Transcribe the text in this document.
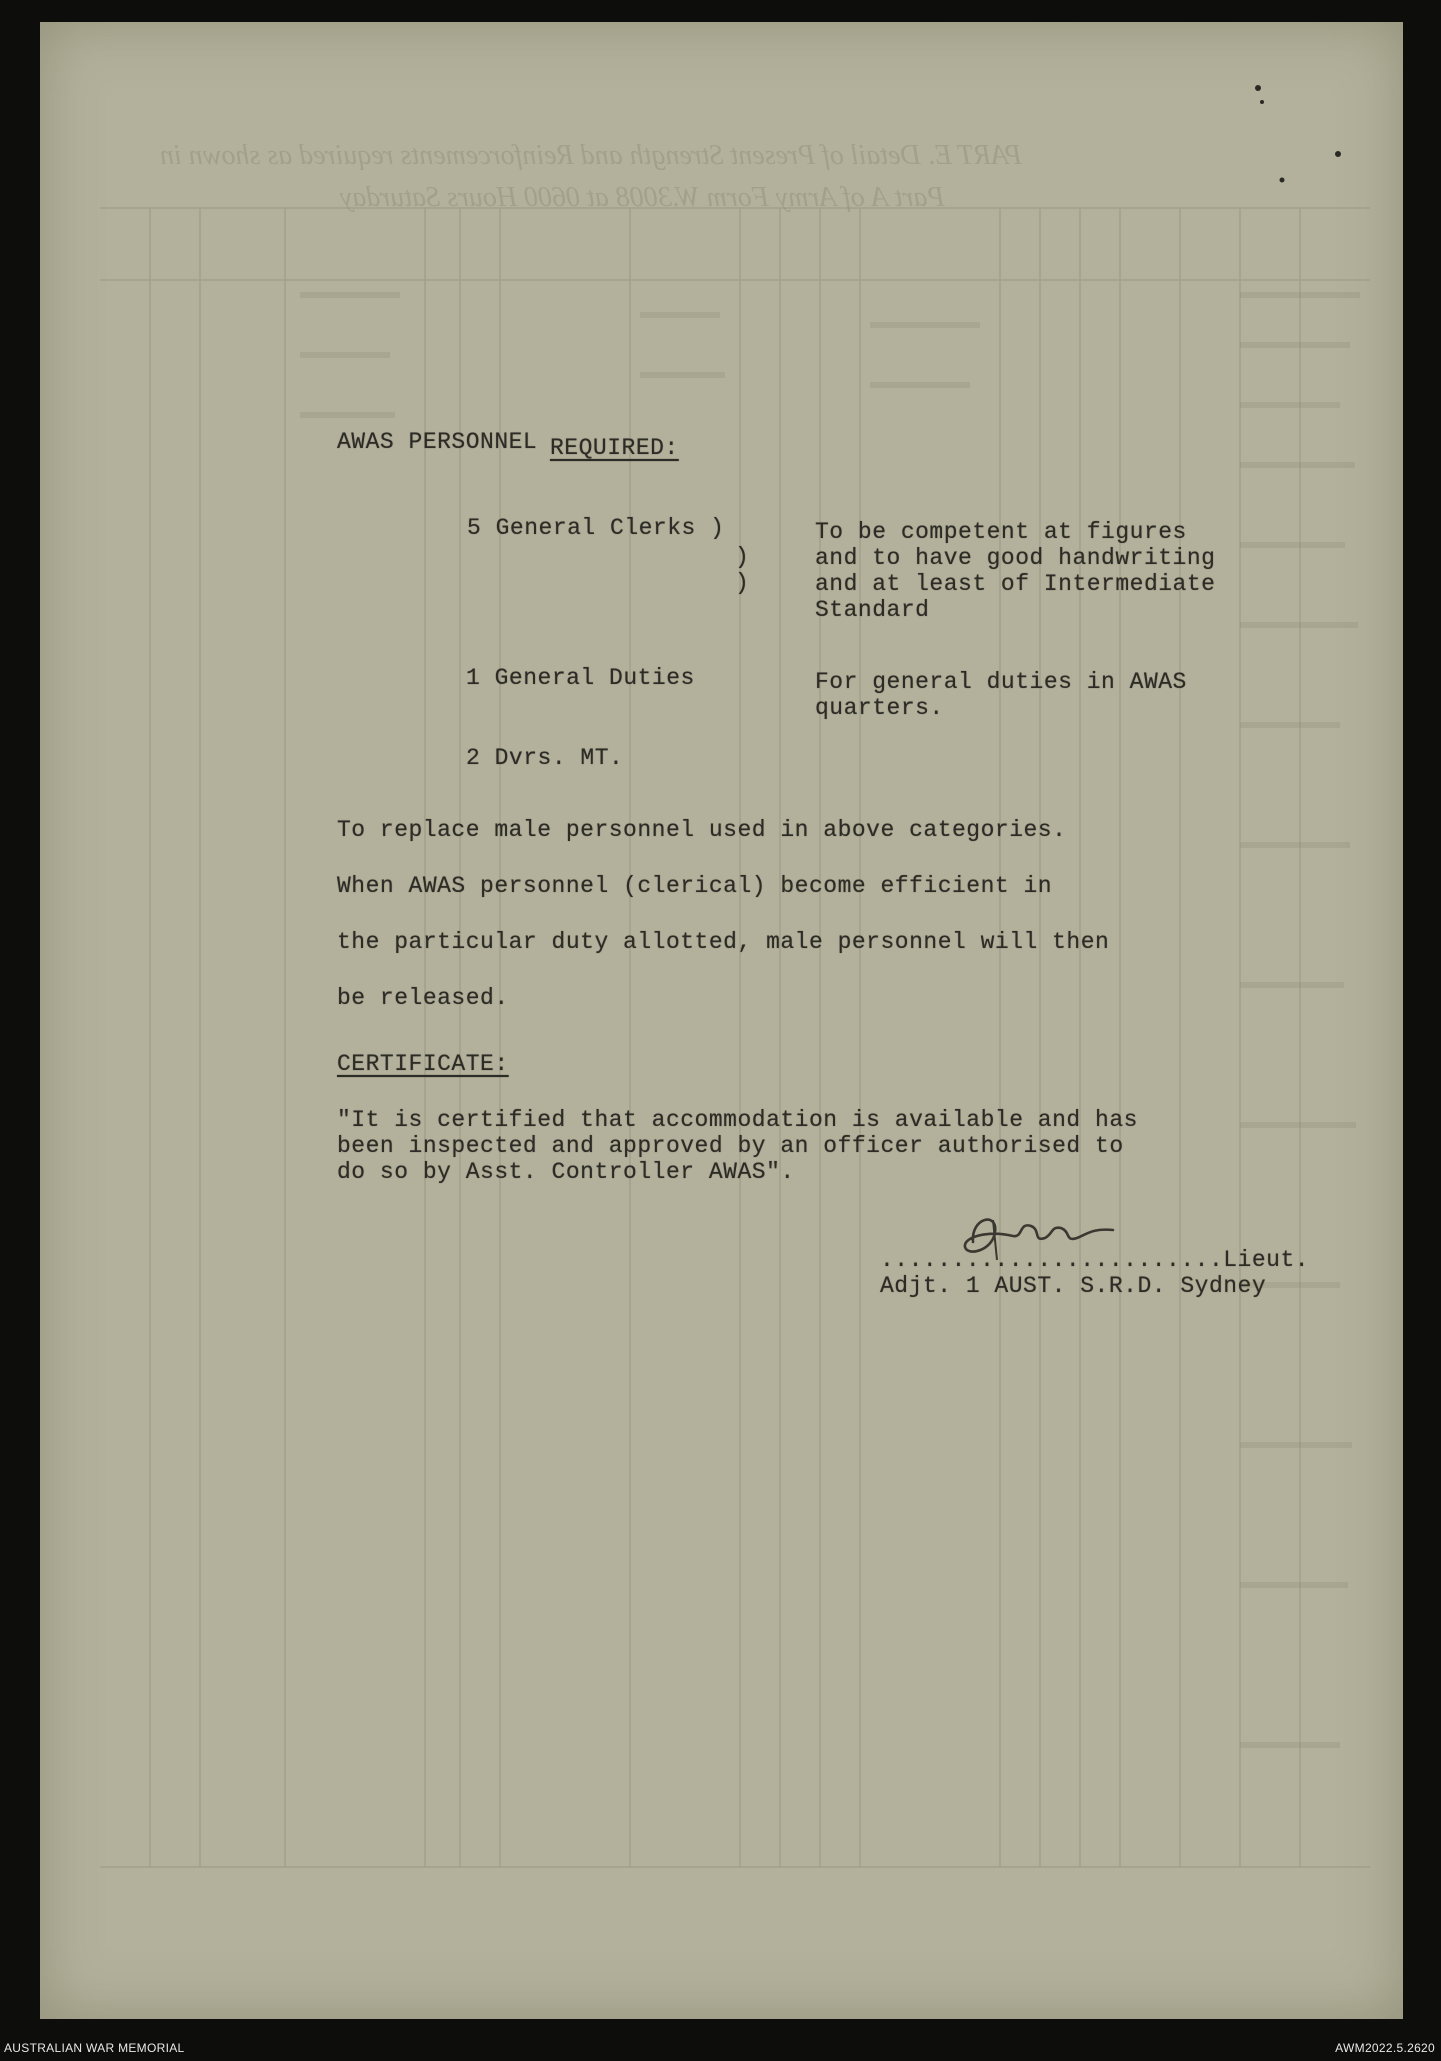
PART E. Detail of Present Strength and Reinforcements required as shown in
Part A of Army Form W.3008 at 0600 Hours Saturday
AWAS PERSONNEL REQUIRED:
5 General Clerks )
)
)
To be competent at figures
and to have good handwriting
and at least of Intermediate
Standard
1 General Duties	For general duties in AWAS
quarters.
2 Dvrs. MT.
To replace male personnel used in above categories.
When AWAS personnel (clerical) become efficient in
the particular duty allotted, male personnel will then
be released.
CERTIFICATE:
"It is certified that accommodation is available and has
been inspected and approved by an officer authorised to
do so by Asst. Controller AWAS".
........................Lieut.
Adjt. 1 AUST. S.R.D. Sydney
AUSTRALIAN WAR MEMORIAL	AWM2022.5.2620
